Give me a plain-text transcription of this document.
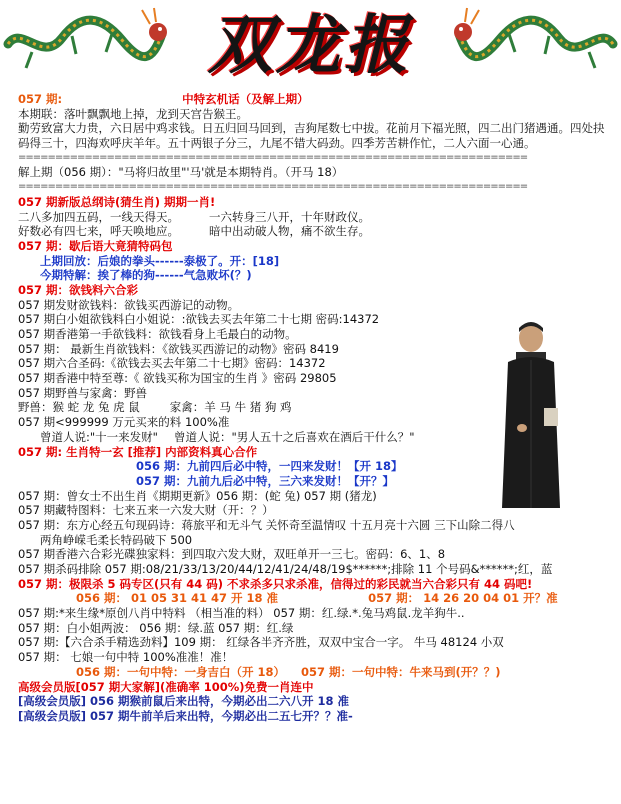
双龙报
057 期:	中特玄机话（及解上期）
本期联：落叶飘飘地上掉，龙到天宫告猴王。
勤劳致富大力贵，六日居中鸡求钱。日五归回马回到，吉狗尾数七中拔。花前月下福光照，四二出门猪遇通。四处抉码得三十，四海欢呼庆羊年。五十两银子分三，九尾不错大码劲。四季芳苦耕作忙，二人六面一心通。
=====================================================================
解上期（056 期）："马将归故里"'马'就是本期特肖。（开马 18）
=====================================================================
057 期新版总纲诗(猜生肖) 期期一肖!
二八多加四五码，一线天得天。	一六转身三八开，十年财政仪。
好数必有四七来，呼天唤地应。	暗中出动破人物，痛不欲生存。
057 期：歇后语大竟猜特码包
上期回放：后娘的拳头------泰极了。开：[18]
今期特解：挨了棒的狗------气急败坏(？)
057 期：欲钱料六合彩
057 期发财欲钱料：欲钱买西游记的动物。
057 期白小姐欲钱料白小姐说：:欲钱去买去年第二十七期 密码:14372
057 期香港第一手欲钱料：欲钱看身上毛最白的动物。
057 期： 最新生肖欲钱料：《欲钱买西游记的动物》密码 8419
057 期六合圣码:《欲钱去买去年第二十七期》密码：14372
057 期香港中特至尊:《 欲钱买称为国宝的生肖 》密码 29805
057 期野兽与家禽：野兽
野兽：猴 蛇 龙 兔 虎 鼠	家禽：羊 马 牛 猪 狗 鸡
057 期<999999 万元买来的料 100%准
曾道人说:"十一来发财" 曾道人说："男人五十之后喜欢在酒后干什么？"
057 期: 生肖特一玄 [推荐] 内部资料真心合作
056 期：九前四后必中特，一四来发财！【开 18】
057 期：九前九后必中特，三六来发财！【开？】
057 期：曾女士不出生肖《期期更新》056 期：(蛇 兔) 057 期 (猪龙)
057 期藏特图料：七来五来一六发大财（开：？）
057 期：东方心经五句现码诗：蒋旅平和无斗气 关怀奇至温情叹 十五月亮十六圆 三下山除二得八
两角峥嵘毛柔长特码破下 500
057 期香港六合彩光碟独家料：到四取六发大财，双旺单开一三七。密码：6、1、8
057 期杀码排除 057 期:08/21/33/13/20/44/12/41/24/48/19$******;排除 11 个号码&******;红，蓝
057 期：极限杀 5 码专区(只有 44 码) 不求杀多只求杀准，信得过的彩民就当六合彩只有 44 码吧!
056 期： 01 05 31 41 47 开 18 准	057 期： 14 26 20 04 01 开？准
057 期:*来生缘*原创八肖中特料 （相当准的料） 057 期：红.绿.*.兔马鸡鼠.龙羊狗牛..
057 期：白小姐两波： 056 期：绿.蓝 057 期：红.绿
057 期:【六合杀手精选劲料】109 期： 红绿各半齐齐胜，双双中宝合一字。 牛马 48124 小双
057 期： 七娘一句中特 100%准准！准！
056 期：一句中特：一身吉白（开 18） 057 期：一句中特：牛来马到(开？？)
高级会员版[057 期大家解](准确率 100%)免费一肖连中
[高级会员版] 056 期猴前鼠后来出特，今期必出二六八开 18 准
[高级会员版] 057 期牛前羊后来出特，今期必出二五七开？？准-
